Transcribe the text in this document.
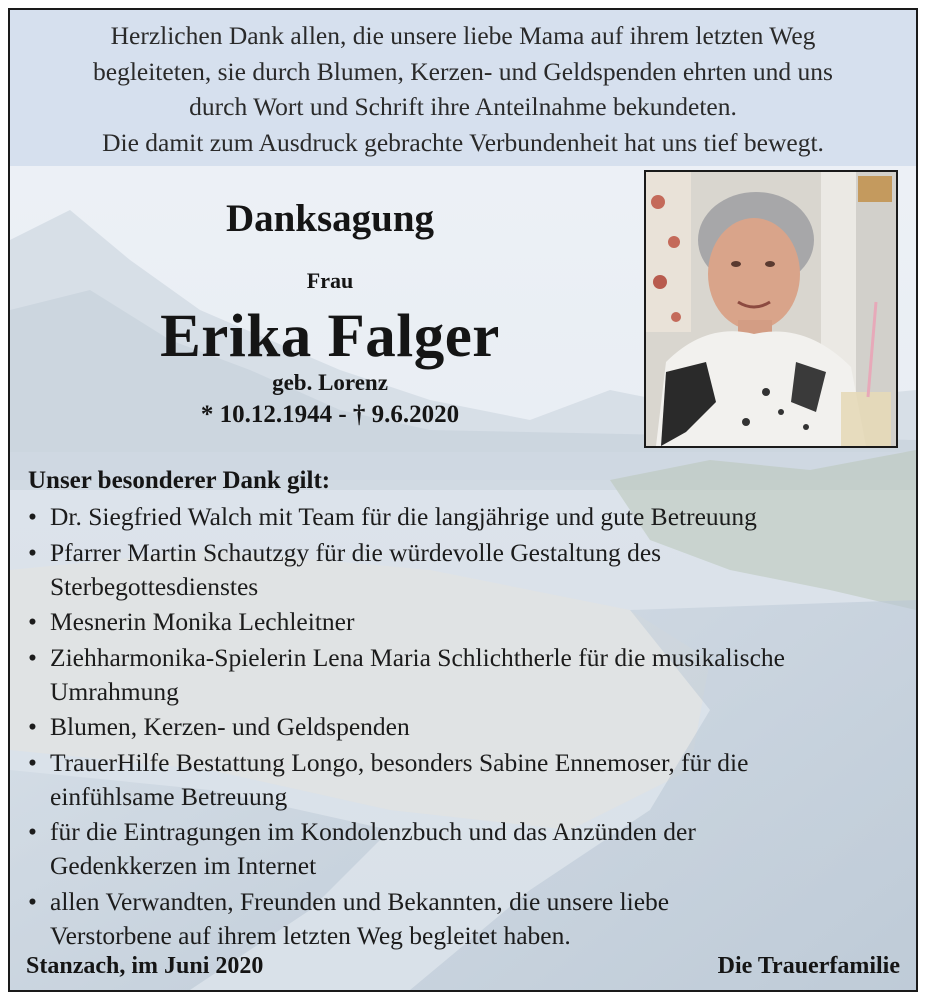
Herzlichen Dank allen, die unsere liebe Mama auf ihrem letzten Weg
begleiteten, sie durch Blumen, Kerzen- und Geldspenden ehrten und uns
durch Wort und Schrift ihre Anteilnahme bekundeten.
Die damit zum Ausdruck gebrachte Verbundenheit hat uns tief bewegt.
Danksagung
Frau
Erika Falger
geb. Lorenz
* 10.12.1944 - † 9.6.2020
Unser besonderer Dank gilt:
• Dr. Siegfried Walch mit Team für die langjährige und gute Betreuung
• Pfarrer Martin Schautzgy für die würdevolle Gestaltung des
Sterbegottesdienstes
• Mesnerin Monika Lechleitner
• Ziehharmonika-Spielerin Lena Maria Schlichtherle für die musikalische
Umrahmung
• Blumen, Kerzen- und Geldspenden
• TrauerHilfe Bestattung Longo, besonders Sabine Ennemoser, für die
einfühlsame Betreuung
• für die Eintragungen im Kondolenzbuch und das Anzünden der
Gedenkkerzen im Internet
• allen Verwandten, Freunden und Bekannten, die unsere liebe
Verstorbene auf ihrem letzten Weg begleitet haben.
Stanzach, im Juni 2020	Die Trauerfamilie
